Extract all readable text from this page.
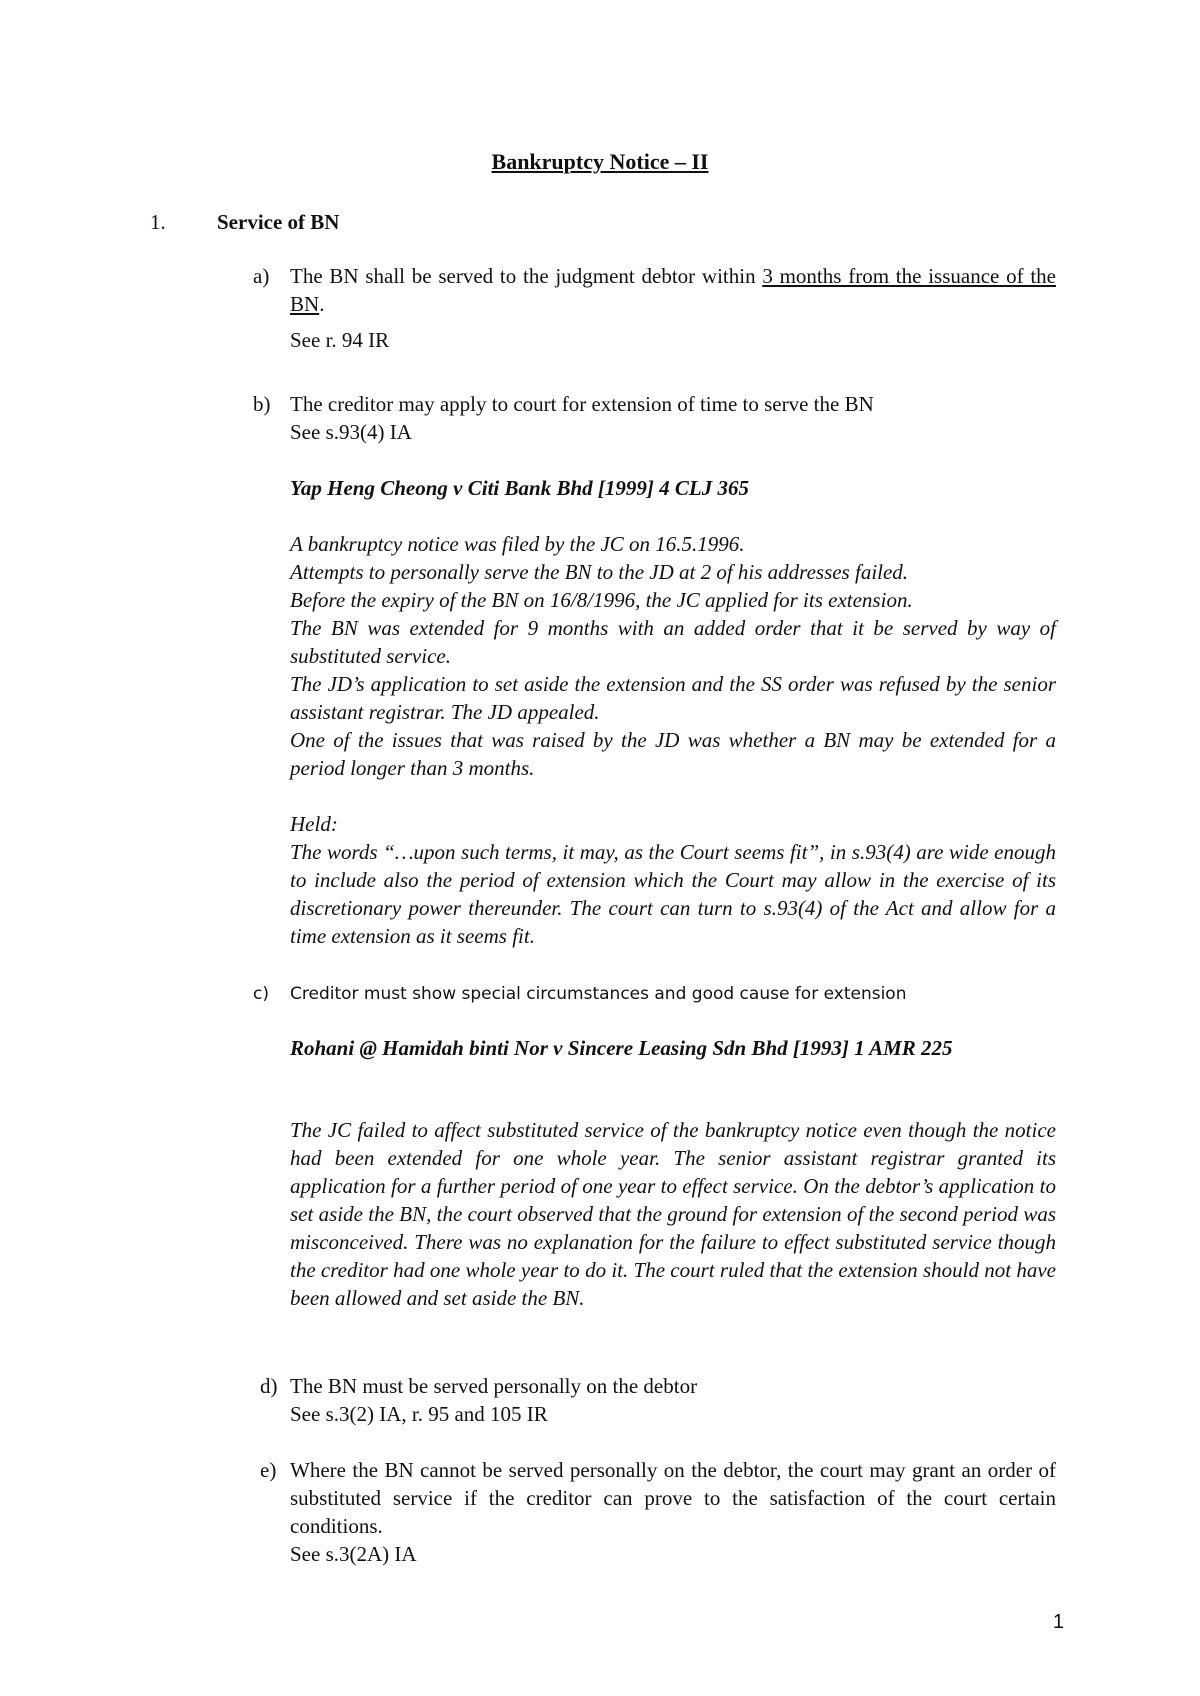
Bankruptcy Notice – II
1. Service of BN
a) The BN shall be served to the judgment debtor within 3 months from the issuance of the BN.
See r. 94 IR
b) The creditor may apply to court for extension of time to serve the BN
See s.93(4) IA
Yap Heng Cheong v Citi Bank Bhd [1999] 4 CLJ 365
A bankruptcy notice was filed by the JC on 16.5.1996.
Attempts to personally serve the BN to the JD at 2 of his addresses failed.
Before the expiry of the BN on 16/8/1996, the JC applied for its extension.
The BN was extended for 9 months with an added order that it be served by way of substituted service.
The JD’s application to set aside the extension and the SS order was refused by the senior assistant registrar. The JD appealed.
One of the issues that was raised by the JD was whether a BN may be extended for a period longer than 3 months.
Held:
The words “…upon such terms, it may, as the Court seems fit”, in s.93(4) are wide enough to include also the period of extension which the Court may allow in the exercise of its discretionary power thereunder. The court can turn to s.93(4) of the Act and allow for a time extension as it seems fit.
c) Creditor must show special circumstances and good cause for extension
Rohani @ Hamidah binti Nor v Sincere Leasing Sdn Bhd [1993] 1 AMR 225
The JC failed to affect substituted service of the bankruptcy notice even though the notice had been extended for one whole year. The senior assistant registrar granted its application for a further period of one year to effect service. On the debtor’s application to set aside the BN, the court observed that the ground for extension of the second period was misconceived. There was no explanation for the failure to effect substituted service though the creditor had one whole year to do it. The court ruled that the extension should not have been allowed and set aside the BN.
d) The BN must be served personally on the debtor
See s.3(2) IA, r. 95 and 105 IR
e) Where the BN cannot be served personally on the debtor, the court may grant an order of substituted service if the creditor can prove to the satisfaction of the court certain conditions.
See s.3(2A) IA
1
